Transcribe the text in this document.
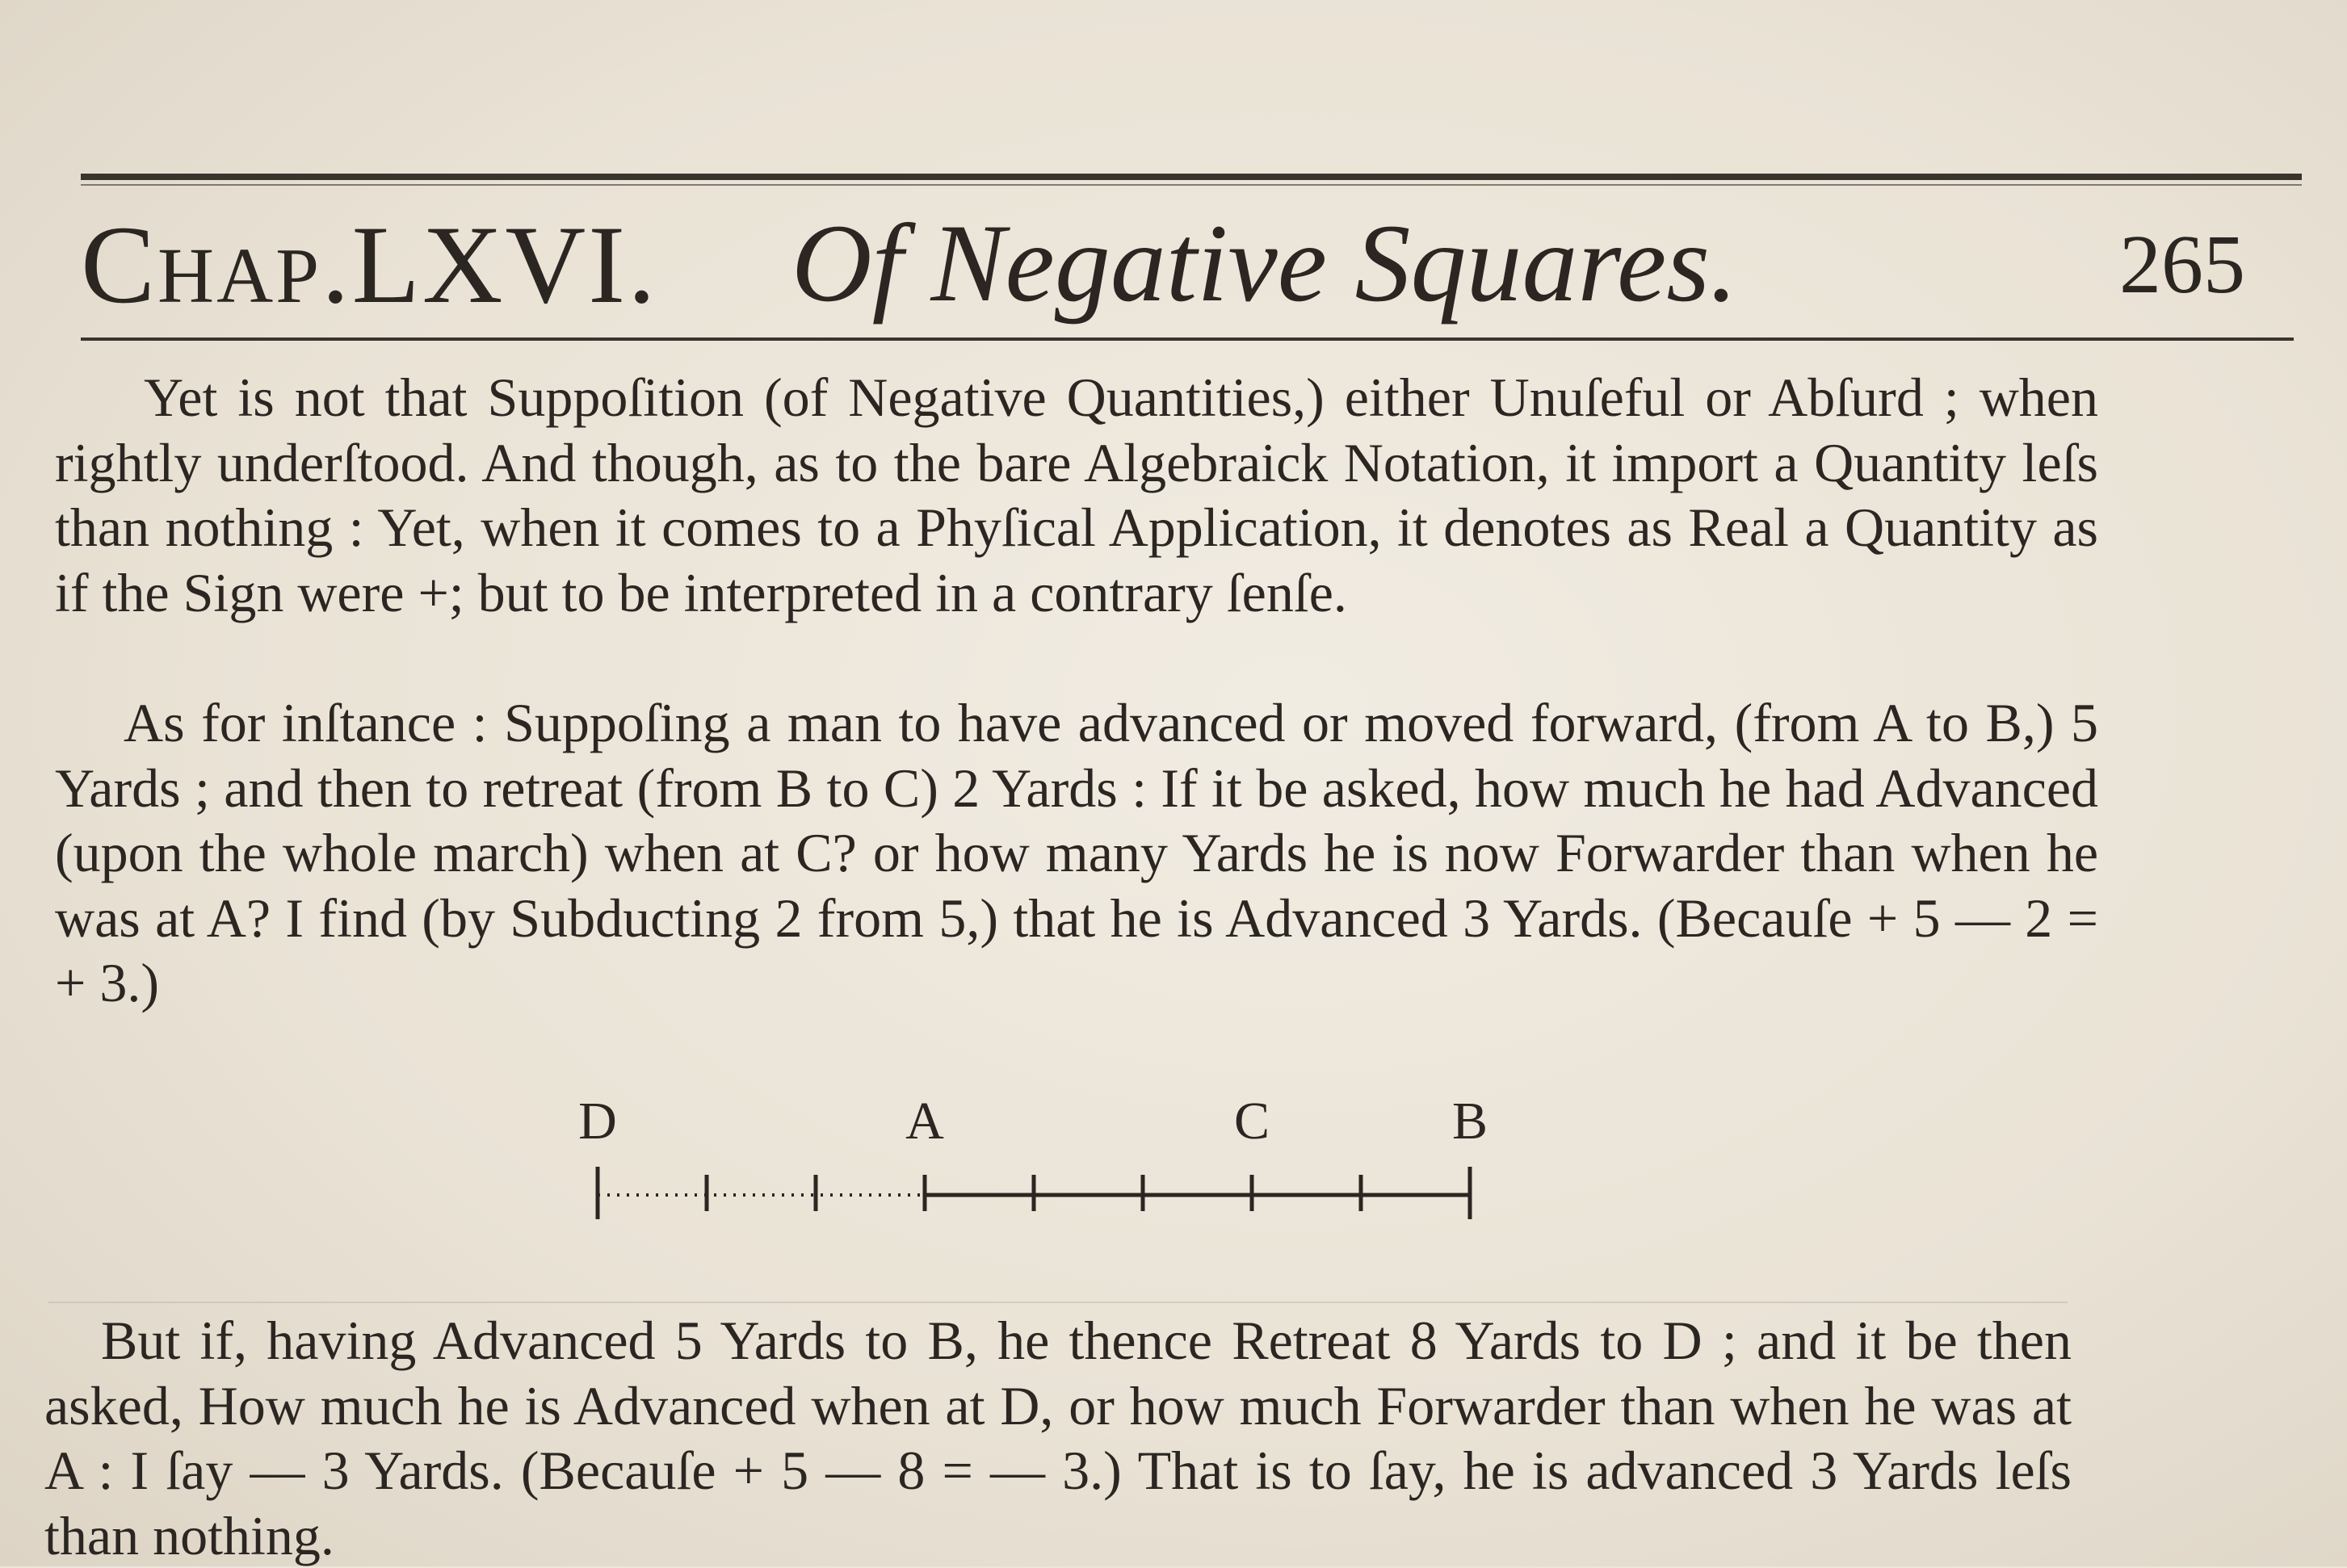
Chap.LXVI. Of Negative Squares.	265

Yet is not that Suppoſition (of Negative Quantities,) either Unuſeful or Abſurd ; when rightly underſtood. And though, as to the bare Algebraick Notation, it import a Quantity leſs than nothing : Yet, when it comes to a Phyſical Application, it denotes as Real a Quantity as if the Sign were +; but to be interpreted in a contrary ſenſe.

As for inſtance : Suppoſing a man to have advanced or moved forward, (from A to B,) 5 Yards ; and then to retreat (from B to C) 2 Yards : If it be asked, how much he had Advanced (upon the whole march) when at C? or how many Yards he is now Forwarder than when he was at A? I find (by Subducting 2 from 5,) that he is Advanced 3 Yards. (Becauſe + 5 — 2 = + 3.)

D	A	C	B

But if, having Advanced 5 Yards to B, he thence Retreat 8 Yards to D ; and it be then asked, How much he is Advanced when at D, or how much Forwarder than when he was at A : I ſay — 3 Yards. (Becauſe + 5 — 8 = — 3.) That is to ſay, he is advanced 3 Yards leſs than nothing.
